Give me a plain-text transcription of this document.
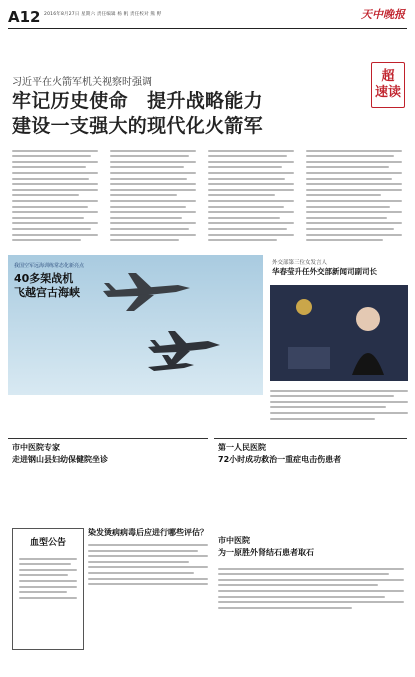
A12 2016年8月27日 星期六 责任编辑 杨 帆 责任校对 熊 野	天中晚报
超
速读
习近平在火箭军机关视察时强调
牢记历史使命　提升战略能力
建设一支强大的现代化火箭军
我国空军远海训练常态化新亮点
40多架战机
飞越宫古海峡
外交部第三位女发言人
华春莹升任外交部新闻司副司长
市中医院专家
走进钢山县妇幼保健院坐诊
第一人民医院
72小时成功救治一重症电击伤患者
血型公告
染发烫病病毒后应进行哪些评估？
市中医院
为一原胜外肾结石患者取石
